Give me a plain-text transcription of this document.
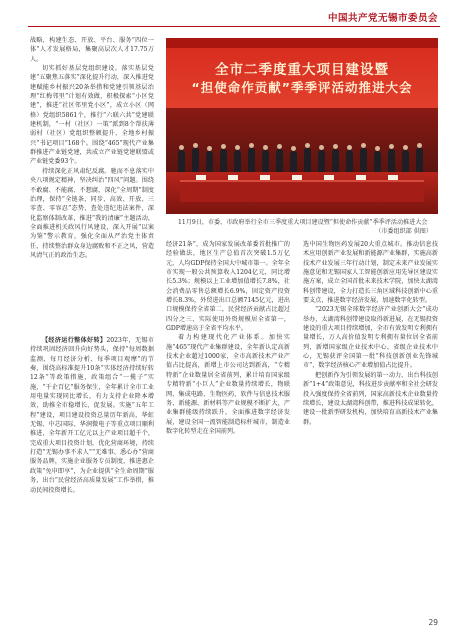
中国共产党无锡市委员会

战略，构建生态、开放、平台、服务“四位一体”人才发展格局，集聚高层次人才17.75万人。

切实抓好基层党组织建设。落实基层党建“五聚焦五落实”深化提升行动，深入推进党建赋能乡村振兴20条举措和党建引领基层治理“红梅邻里”计划有效做，积极探索“小区党建”，推进“社区邻里党小区”，成立小区（网格）党组织5861个，推行“六联六共”党建联建机制，“一村（社区）一策”派到8个帮扶薄弱村（社区）党组织整顿提升，全地乡村振兴“书记项目”168个。围绕“465”现代产业集群推进产业链党建，共成立产业链党建联盟或产业链党委93个。

持续深化正风肃纪反腐。驰而不息落实中央八项规定精神，坚决纠治“四风”问题。围绕不敢腐、不能腐、不想腐，深化“全周期”制度治理，保持“全链条、同步、高效、开放、三零查、零容忍”态势，查处违纪违法案件，深化监察体制改革，推进“我的清廉”主题活动，全面推进机关政风行风建设，深入开展“以案为鉴”警示教育，强化全面从严治党主体责任，持续整治群众身边腐败和不正之风，营造风清气正的政治生态。

【经济运行整体好转】2023年，无锡市持续巩固经济回升向好势头，保持“每周数据监测、每月经济分析、每季项目观摩”的节奏，围绕高标准提升10条“实体经济持续好转12条”等政策措施，政策组合“一揽子”实施，“千企百亿”服务保生，全年累计全市工业用电量实现同比增长，有力支持企业降本增效，助推全市稳增长、促发展。实施“五年工程”建设，项目建设投资总量历年新高，华虹无锡、中芯国际、华润微电子等重点项目顺利推进，全年新开工亿元以上产业项目超千个，完成重大项目投资计划，优化营商环境，持续打造“无锡办事不求人”“无难事、悉心办”营商服务品牌，实施企业服务专员制度，推进惠企政策“免申即享”，为企业提供“全生命周期”服务，出台“民营经济高质量发展”工作举措，推动民间投资增长。

全市二季度重大项目建设暨
“担使命作贡献”季季评活动推进大会
11月9日，市委、市政府举行全市三季度重大项目建设暨“担使命作贡献”季季评活动推进大会

（市委组织部 供图）

经济21条”，成为国家发展改革委首批推广的经验做法，地区生产总值首次突破1.5万亿元，人均GDP保持全国大中城市第一。全年全市实现一般公共预算收入1204亿元，同比增长5.3%；规模以上工业增加值增长7.8%，社会消费品零售总额增长6.9%，固定资产投资增长8.3%，外贸进出口总额7145亿元，进出口规模保持全省第二，民营经济贡献占比超过四分之三，实际使用外资规模居全省第一，GDP增速高于全省平均水平。

着力构建现代化产业体系。加快实施“465”现代产业集群建设，全年新认定高新技术企业超过1000家，全市高新技术产业产值占比提高，新增上市公司达到新高，“专精特新”企业数量居全省前列，累计培育国家级专精特新“小巨人”企业数量持续增长，物联网、集成电路、生物医药、软件与信息技术服务、新能源、新材料等产业规模不断扩大，产业集群能级持续跃升，全面推进数字经济发展，建设全国一流智能制造标杆城市，制造业数字化转型走在全国前列。

选中国生物医药发展20大重点城市。推动信息技术应用创新产业发展和新能源产业集群，实施高新技术产业发展三年行动计划，制定未来产业发展实施意见和无锡国家人工智能创新应用先导区建设实施方案，成立全国首批未来技术学院，加快太湖湾科创带建设，全力打造长三角区域科技创新中心重要支点，推进数字经济发展，加速数字化转型。

“2023无锡全球数字经济产业创新大会”成功举办，太湖湾科创带建设取得新进展，在无锡投资建设的重大项目持续增加，全市有效发明专利拥有量增长，万人高价值发明专利拥有量位居全省前列，新增国家级企业技术中心、省级企业技术中心，无锡获评全国第一批“科技创新创业先锋城市”，数字经济核心产业增加值占比提升。

把创新作为引领发展的第一动力，出台科技创新“1+4”政策意见，科技进步贡献率和全社会研发投入强度保持全省前列，国家高新技术企业数量持续增长，建设太湖湾科创带，推进科技成果转化，建设一批新型研发机构，加快培育高新技术产业集群。

29
